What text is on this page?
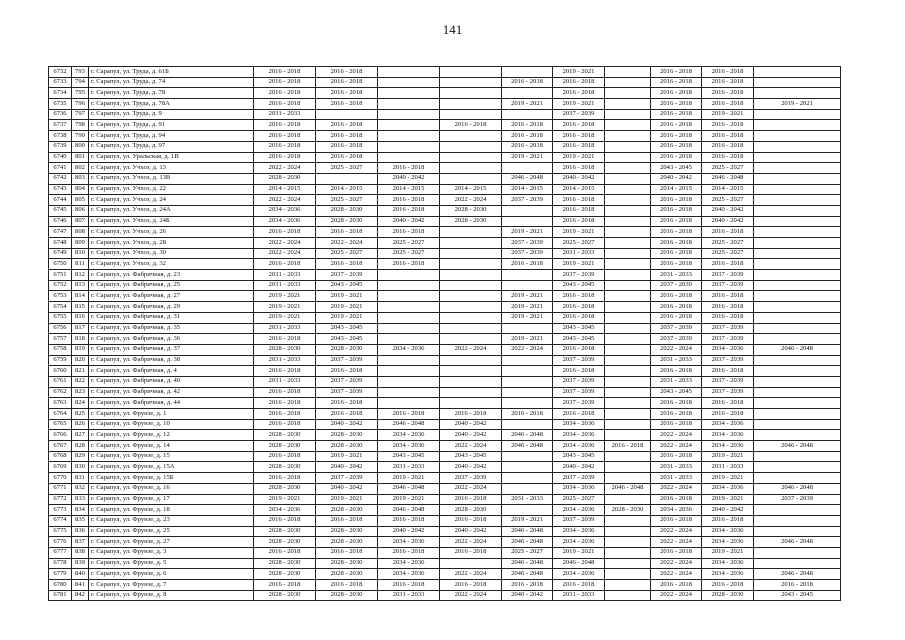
141
6732	793	г. Сарапул, ул. Труда, д. 61Б	2016 - 2018	2016 - 2018				2019 - 2021		2016 - 2018	2016 - 2018	
6733	794	г. Сарапул, ул. Труда, д. 74	2016 - 2018	2016 - 2018			2016 - 2018	2016 - 2018		2016 - 2018	2016 - 2018	
6734	795	г. Сарапул, ул. Труда, д. 78	2016 - 2018	2016 - 2018				2016 - 2018		2016 - 2018	2016 - 2018	
6735	796	г. Сарапул, ул. Труда, д. 78А	2016 - 2018	2016 - 2018			2019 - 2021	2019 - 2021		2016 - 2018	2016 - 2018	2019 - 2021
6736	797	г. Сарапул, ул. Труда, д. 9	2031 - 2033					2037 - 2039		2016 - 2018	2019 - 2021	
6737	798	г. Сарапул, ул. Труда, д. 91	2016 - 2018	2016 - 2018		2016 - 2018	2016 - 2018	2016 - 2018		2016 - 2018	2016 - 2018	
6738	799	г. Сарапул, ул. Труда, д. 94	2016 - 2018	2016 - 2018			2016 - 2018	2016 - 2018		2016 - 2018	2016 - 2018	
6739	800	г. Сарапул, ул. Труда, д. 97	2016 - 2018	2016 - 2018			2016 - 2018	2016 - 2018		2016 - 2018	2016 - 2018	
6740	801	г. Сарапул, ул. Уральская, д. 1В	2016 - 2018	2016 - 2018			2019 - 2021	2019 - 2021		2016 - 2018	2016 - 2018	
6741	802	г. Сарапул, ул. Учхоз, д. 13	2022 - 2024	2025 - 2027	2016 - 2018			2016 - 2018		2043 - 2045	2025 - 2027	
6742	803	г. Сарапул, ул. Учхоз, д. 13В	2028 - 2030		2040 - 2042		2046 - 2048	2040 - 2042		2040 - 2042	2046 - 2048	
6743	804	г. Сарапул, ул. Учхоз, д. 22	2014 - 2015	2014 - 2015	2014 - 2015	2014 - 2015	2014 - 2015	2014 - 2015		2014 - 2015	2014 - 2015	
6744	805	г. Сарапул, ул. Учхоз, д. 24	2022 - 2024	2025 - 2027	2016 - 2018	2022 - 2024	2037 - 2039	2016 - 2018		2016 - 2018	2025 - 2027	
6745	806	г. Сарапул, ул. Учхоз, д. 24А	2034 - 2036	2028 - 2030	2016 - 2018	2028 - 2030		2016 - 2018		2016 - 2018	2040 - 2042	
6746	807	г. Сарапул, ул. Учхоз, д. 24Б	2034 - 2036	2028 - 2030	2040 - 2042	2028 - 2030		2016 - 2018		2016 - 2018	2040 - 2042	
6747	808	г. Сарапул, ул. Учхоз, д. 26	2016 - 2018	2016 - 2018	2016 - 2018		2019 - 2021	2019 - 2021		2016 - 2018	2016 - 2018	
6748	809	г. Сарапул, ул. Учхоз, д. 28	2022 - 2024	2022 - 2024	2025 - 2027		2037 - 2039	2025 - 2027		2016 - 2018	2025 - 2027	
6749	810	г. Сарапул, ул. Учхоз, д. 30	2022 - 2024	2025 - 2027	2025 - 2027		2037 - 2039	2031 - 2033		2016 - 2018	2025 - 2027	
6750	811	г. Сарапул, ул. Учхоз, д. 32	2016 - 2018	2016 - 2018	2016 - 2018		2016 - 2018	2019 - 2021		2016 - 2018	2016 - 2018	
6751	812	г. Сарапул, ул. Фабричная, д. 23	2031 - 2033	2037 - 2039				2037 - 2039		2031 - 2033	2037 - 2039	
6752	813	г. Сарапул, ул. Фабричная, д. 25	2031 - 2033	2043 - 2045				2043 - 2045		2037 - 2039	2037 - 2039	
6753	814	г. Сарапул, ул. Фабричная, д. 27	2019 - 2021	2019 - 2021			2019 - 2021	2016 - 2018		2016 - 2018	2016 - 2018	
6754	815	г. Сарапул, ул. Фабричная, д. 29	2019 - 2021	2019 - 2021			2019 - 2021	2016 - 2018		2016 - 2018	2016 - 2018	
6755	816	г. Сарапул, ул. Фабричная, д. 31	2019 - 2021	2019 - 2021			2019 - 2021	2016 - 2018		2016 - 2018	2016 - 2018	
6756	817	г. Сарапул, ул. Фабричная, д. 35	2031 - 2033	2043 - 2045				2043 - 2045		2037 - 2039	2037 - 2039	
6757	818	г. Сарапул, ул. Фабричная, д. 36	2016 - 2018	2043 - 2045			2019 - 2021	2043 - 2045		2037 - 2039	2037 - 2039	
6758	819	г. Сарапул, ул. Фабричная, д. 37	2028 - 2030	2028 - 2030	2034 - 2036	2022 - 2024	2022 - 2024	2016 - 2018		2022 - 2024	2034 - 2036	2046 - 2048
6759	820	г. Сарапул, ул. Фабричная, д. 38	2031 - 2033	2037 - 2039				2037 - 2039		2031 - 2033	2037 - 2039	
6760	821	г. Сарапул, ул. Фабричная, д. 4	2016 - 2018	2016 - 2018				2016 - 2018		2016 - 2018	2016 - 2018	
6761	822	г. Сарапул, ул. Фабричная, д. 40	2031 - 2033	2037 - 2039				2037 - 2039		2031 - 2033	2037 - 2039	
6762	823	г. Сарапул, ул. Фабричная, д. 42	2016 - 2018	2037 - 2039				2037 - 2039		2043 - 2045	2037 - 2039	
6763	824	г. Сарапул, ул. Фабричная, д. 44	2016 - 2018	2016 - 2018				2037 - 2039		2016 - 2018	2016 - 2018	
6764	825	г. Сарапул, ул. Фрунзе, д. 1	2016 - 2018	2016 - 2018	2016 - 2018	2016 - 2018	2016 - 2018	2016 - 2018		2016 - 2018	2016 - 2018	
6765	826	г. Сарапул, ул. Фрунзе, д. 10	2016 - 2018	2040 - 2042	2046 - 2048	2040 - 2042		2034 - 2036		2016 - 2018	2034 - 2036	
6766	827	г. Сарапул, ул. Фрунзе, д. 12	2028 - 2030	2028 - 2030	2034 - 2036	2040 - 2042	2046 - 2048	2034 - 2036		2022 - 2024	2034 - 2036	
6767	828	г. Сарапул, ул. Фрунзе, д. 14	2028 - 2030	2028 - 2030	2034 - 2036	2022 - 2024	2046 - 2048	2034 - 2036	2016 - 2018	2022 - 2024	2034 - 2036	2046 - 2048
6768	829	г. Сарапул, ул. Фрунзе, д. 15	2016 - 2018	2019 - 2021	2043 - 2045	2043 - 2045		2043 - 2045		2016 - 2018	2019 - 2021	
6769	830	г. Сарапул, ул. Фрунзе, д. 15А	2028 - 2030	2040 - 2042	2031 - 2033	2040 - 2042		2040 - 2042		2031 - 2033	2031 - 2033	
6770	831	г. Сарапул, ул. Фрунзе, д. 15Б	2016 - 2018	2037 - 2039	2019 - 2021	2037 - 2039		2037 - 2039		2031 - 2033	2019 - 2021	
6771	832	г. Сарапул, ул. Фрунзе, д. 16	2028 - 2030	2040 - 2042	2046 - 2048	2022 - 2024		2034 - 2036	2046 - 2048	2022 - 2024	2034 - 2036	2046 - 2048
6772	833	г. Сарапул, ул. Фрунзе, д. 17	2019 - 2021	2019 - 2021	2019 - 2021	2016 - 2018	2031 - 2033	2025 - 2027		2016 - 2018	2019 - 2021	2037 - 2039
6773	834	г. Сарапул, ул. Фрунзе, д. 18	2034 - 2036	2028 - 2030	2046 - 2048	2028 - 2030		2034 - 2036	2028 - 2030	2034 - 2036	2040 - 2042	
6774	835	г. Сарапул, ул. Фрунзе, д. 23	2016 - 2018	2016 - 2018	2016 - 2018	2016 - 2018	2019 - 2021	2037 - 2039		2016 - 2018	2016 - 2018	
6775	836	г. Сарапул, ул. Фрунзе, д. 25	2028 - 2030	2028 - 2030	2040 - 2042	2040 - 2042	2046 - 2048	2034 - 2036		2022 - 2024	2034 - 2036	
6776	837	г. Сарапул, ул. Фрунзе, д. 27	2028 - 2030	2028 - 2030	2034 - 2036	2022 - 2024	2046 - 2048	2034 - 2036		2022 - 2024	2034 - 2036	2046 - 2048
6777	838	г. Сарапул, ул. Фрунзе, д. 3	2016 - 2018	2016 - 2018	2016 - 2018	2016 - 2018	2025 - 2027	2019 - 2021		2016 - 2018	2019 - 2021	
6778	839	г. Сарапул, ул. Фрунзе, д. 5	2028 - 2030	2028 - 2030	2034 - 2036		2046 - 2048	2046 - 2048		2022 - 2024	2034 - 2036	
6779	840	г. Сарапул, ул. Фрунзе, д. 6	2028 - 2030	2028 - 2030	2034 - 2036	2022 - 2024	2046 - 2048	2034 - 2036		2022 - 2024	2034 - 2036	2046 - 2048
6780	841	г. Сарапул, ул. Фрунзе, д. 7	2016 - 2018	2016 - 2018	2016 - 2018	2016 - 2018	2016 - 2018	2016 - 2018		2016 - 2018	2016 - 2018	2016 - 2018
6781	842	г. Сарапул, ул. Фрунзе, д. 8	2028 - 2030	2028 - 2030	2031 - 2033	2022 - 2024	2040 - 2042	2031 - 2033		2022 - 2024	2028 - 2030	2043 - 2045
